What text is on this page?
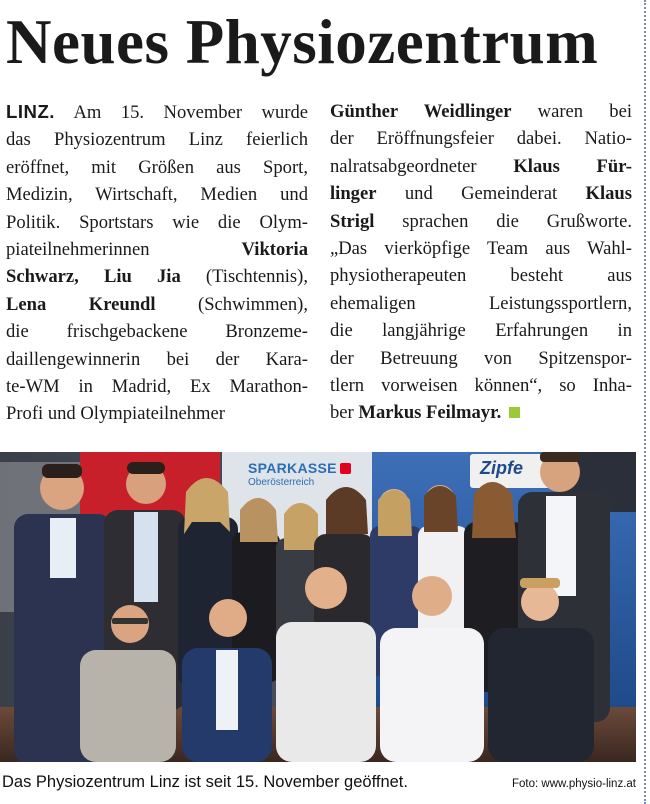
Neues Physiozentrum
LINZ. Am 15. November wurde
das Physiozentrum Linz feierlich
eröffnet, mit Größen aus Sport,
Medizin, Wirtschaft, Medien und
Politik. Sportstars wie die Olym-
piateilnehmerinnen Viktoria
Schwarz, Liu Jia (Tischtennis),
Lena Kreundl (Schwimmen),
die frischgebackene Bronzeme-
daillengewinnerin bei der Kara-
te-WM in Madrid, Ex Marathon-
Profi und Olympiateilnehmer
Günther Weidlinger waren bei
der Eröffnungsfeier dabei. Natio-
nalratsabgeordneter Klaus Für-
linger und Gemeinderat Klaus
Strigl sprachen die Grußworte.
„Das vierköpfige Team aus Wahl-
physiotherapeuten besteht aus
ehemaligen Leistungssportlern,
die langjährige Erfahrungen in
der Betreuung von Spitzenspor-
tlern vorweisen können“, so Inha-
ber Markus Feilmayr.
SPARKASSE
Oberösterreich
Zipfe
Das Physiozentrum Linz ist seit 15. November geöffnet.	Foto: www.physio-linz.at
